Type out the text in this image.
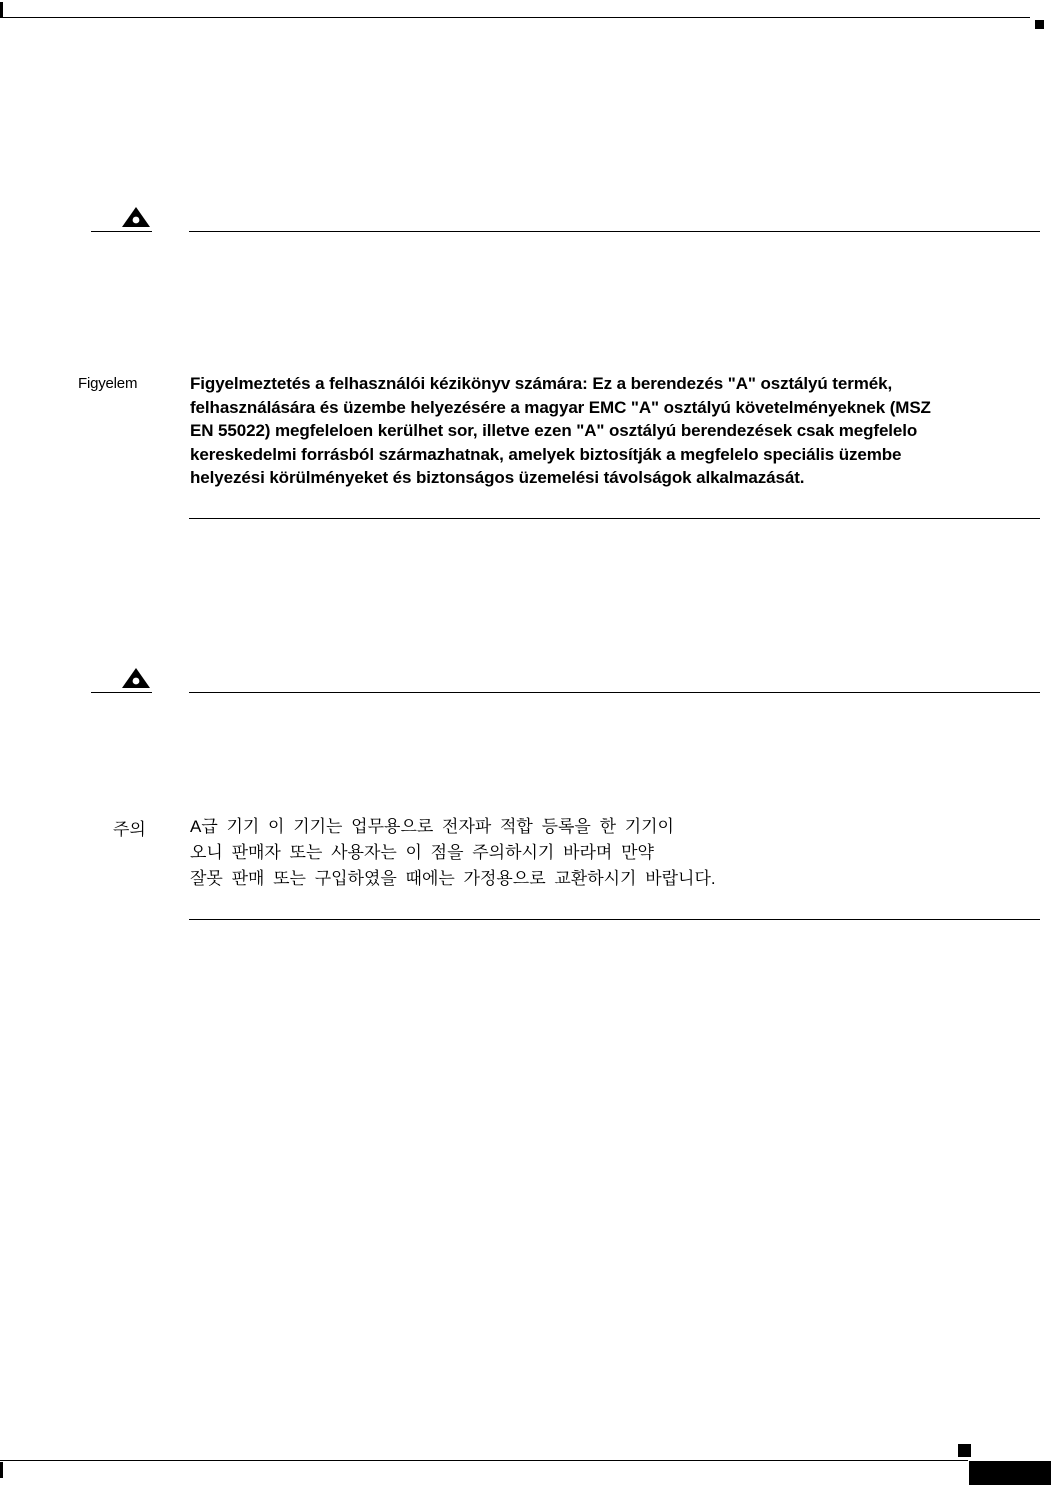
Figyelem	Figyelmeztetés a felhasználói kézikönyv számára: Ez a berendezés "A" osztályú termék,
felhasználására és üzembe helyezésére a magyar EMC "A" osztályú követelményeknek (MSZ
EN 55022) megfeleloen kerülhet sor, illetve ezen "A" osztályú berendezések csak megfelelo
kereskedelmi forrásból származhatnak, amelyek biztosítják a megfelelo speciális üzembe
helyezési körülményeket és biztonságos üzemelési távolságok alkalmazását.
주의	A급 기기 이 기기는 업무용으로 전자파 적합 등록을 한 기기이
오니 판매자 또는 사용자는 이 점을 주의하시기 바라며 만약
잘못 판매 또는 구입하였을 때에는 가정용으로 교환하시기 바랍니다.
